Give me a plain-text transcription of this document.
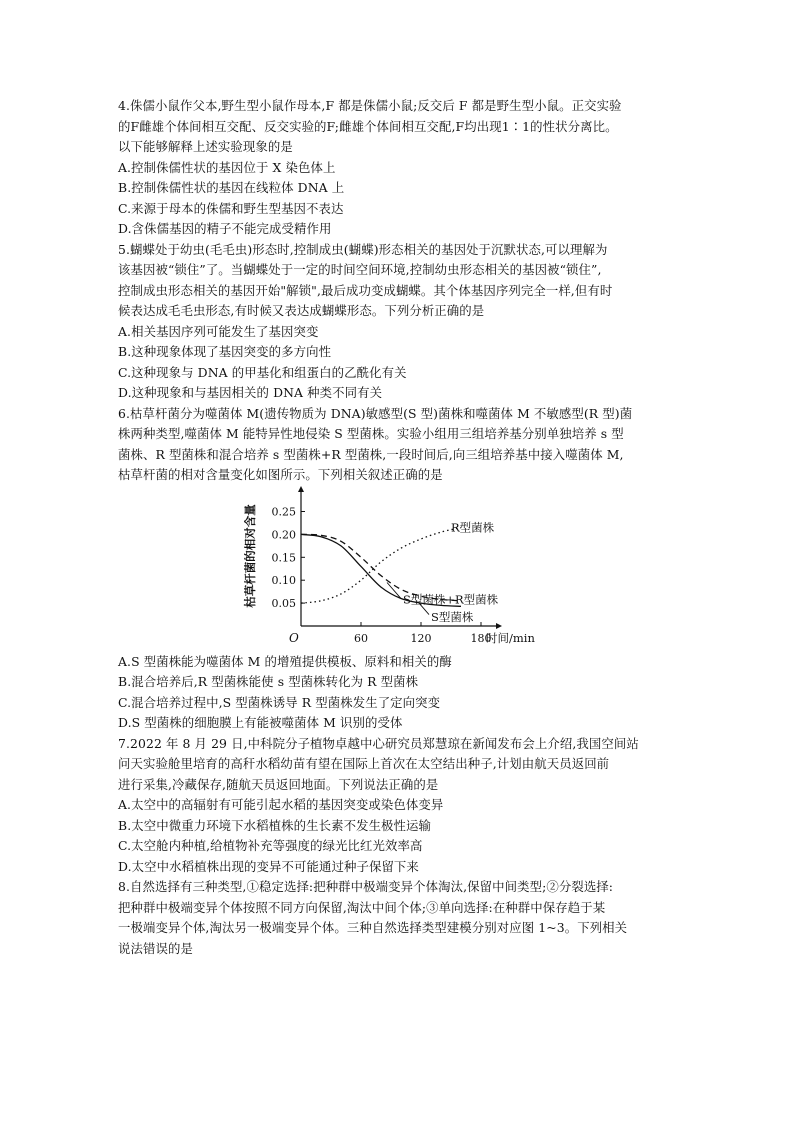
4.侏儒小鼠作父本,野生型小鼠作母本,F 都是侏儒小鼠;反交后 F 都是野生型小鼠。正交实验
的F雌雄个体间相互交配、反交实验的F;雌雄个体间相互交配,F均出现1∶1的性状分离比。
以下能够解释上述实验现象的是
A.控制侏儒性状的基因位于 X 染色体上
B.控制侏儒性状的基因在线粒体 DNA 上
C.来源于母本的侏儒和野生型基因不表达
D.含侏儒基因的精子不能完成受精作用
5.蝴蝶处于幼虫(毛毛虫)形态时,控制成虫(蝴蝶)形态相关的基因处于沉默状态,可以理解为
该基因被“锁住”了。当蝴蝶处于一定的时间空间环境,控制幼虫形态相关的基因被“锁住”,
控制成虫形态相关的基因开始"解锁",最后成功变成蝴蝶。其个体基因序列完全一样,但有时
候表达成毛毛虫形态,有时候又表达成蝴蝶形态。下列分析正确的是
A.相关基因序列可能发生了基因突变
B.这种现象体现了基因突变的多方向性
C.这种现象与 DNA 的甲基化和组蛋白的乙酰化有关
D.这种现象和与基因相关的 DNA 种类不同有关
6.枯草杆菌分为噬菌体 M(遗传物质为 DNA)敏感型(S 型)菌株和噬菌体 M 不敏感型(R 型)菌
株两种类型,噬菌体 M 能特异性地侵染 S 型菌株。实验小组用三组培养基分别单独培养 s 型
菌株、R 型菌株和混合培养 s 型菌株+R 型菌株,一段时间后,向三组培养基中接入噬菌体 M,
枯草杆菌的相对含量变化如图所示。下列相关叙述正确的是
0.05
0.10
0.15
0.20
0.25
60	120	180
O	时间/min
枯草杆菌的相对含量	R型菌株
S型菌株+R型菌株
S型菌株
A.S 型菌株能为噬菌体 M 的增殖提供模板、原料和相关的酶
B.混合培养后,R 型菌株能使 s 型菌株转化为 R 型菌株
C.混合培养过程中,S 型菌株诱导 R 型菌株发生了定向突变
D.S 型菌株的细胞膜上有能被噬菌体 M 识别的受体
7.2022 年 8 月 29 日,中科院分子植物卓越中心研究员郑慧琼在新闻发布会上介绍,我国空间站
问天实验舱里培育的高秆水稻幼苗有望在国际上首次在太空结出种子,计划由航天员返回前
进行采集,冷藏保存,随航天员返回地面。下列说法正确的是
A.太空中的高辐射有可能引起水稻的基因突变或染色体变异
B.太空中微重力环境下水稻植株的生长素不发生极性运输
C.太空舱内种植,给植物补充等强度的绿光比红光效率高
D.太空中水稻植株出现的变异不可能通过种子保留下来
8.自然选择有三种类型,①稳定选择:把种群中极端变异个体淘汰,保留中间类型;②分裂选择:
把种群中极端变异个体按照不同方向保留,淘汰中间个体;③单向选择:在种群中保存趋于某
一极端变异个体,淘汰另一极端变异个体。三种自然选择类型建模分别对应图 1~3。下列相关
说法错误的是
